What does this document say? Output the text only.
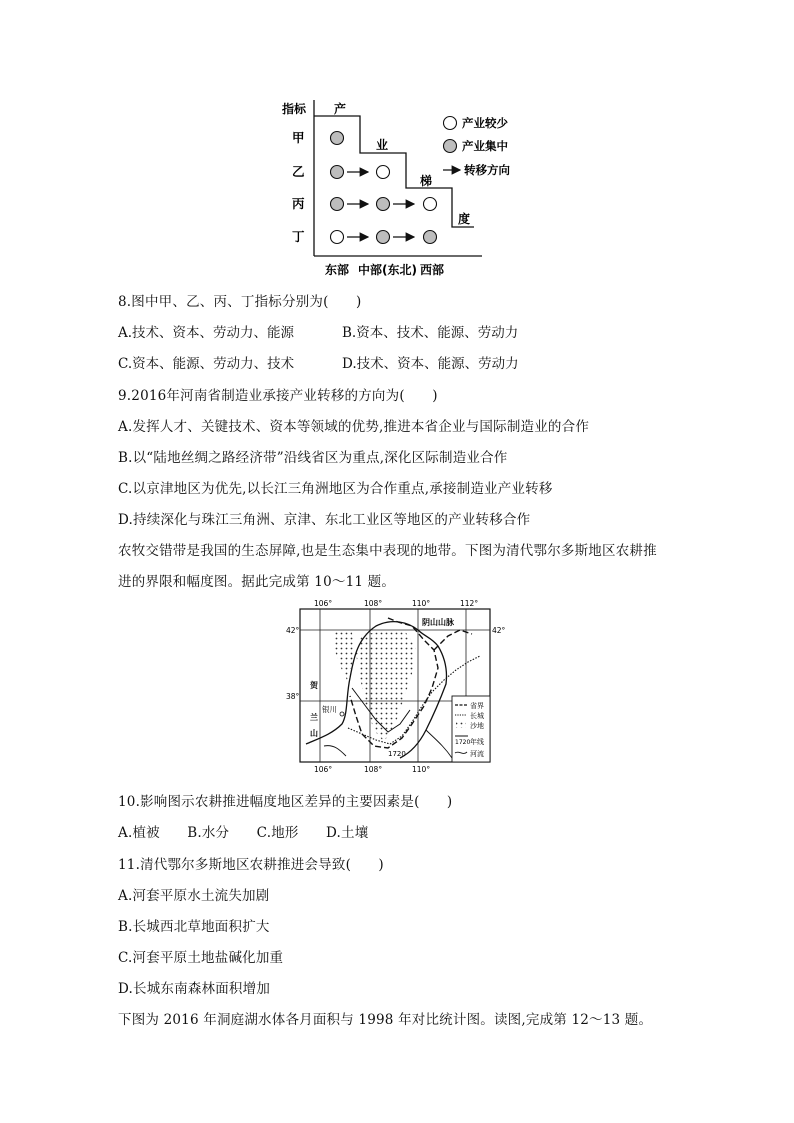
指标 产
业
梯
度
甲
乙
丙
丁
东部 中部(东北) 西部
产业较少
产业集中
转移方向
8.图中甲、乙、丙、丁指标分别为(　　)
A.技术、资本、劳动力、能源	B.资本、技术、能源、劳动力
C.资本、能源、劳动力、技术	D.技术、资本、能源、劳动力
9.2016年河南省制造业承接产业转移的方向为(　　)
A.发挥人才、关键技术、资本等领域的优势,推进本省企业与国际制造业的合作
B.以“陆地丝绸之路经济带”沿线省区为重点,深化区际制造业合作
C.以京津地区为优先,以长江三角洲地区为合作重点,承接制造业产业转移
D.持续深化与珠江三角洲、京津、东北工业区等地区的产业转移合作
农牧交错带是我国的生态屏障,也是生态集中表现的地带。下图为清代鄂尔多斯地区农耕推
进的界限和幅度图。据此完成第 10～11 题。
106°	108°	110°	112°
42°	42°
38°
阴山山脉
贺
兰
山
银川
1720
106°	108°	110°
省界
长城
沙地
1720 年线
河流
10.影响图示农耕推进幅度地区差异的主要因素是(　　)
A.植被　　B.水分　　C.地形　　D.土壤
11.清代鄂尔多斯地区农耕推进会导致(　　)
A.河套平原水土流失加剧
B.长城西北草地面积扩大
C.河套平原土地盐碱化加重
D.长城东南森林面积增加
下图为 2016 年洞庭湖水体各月面积与 1998 年对比统计图。读图,完成第 12～13 题。
